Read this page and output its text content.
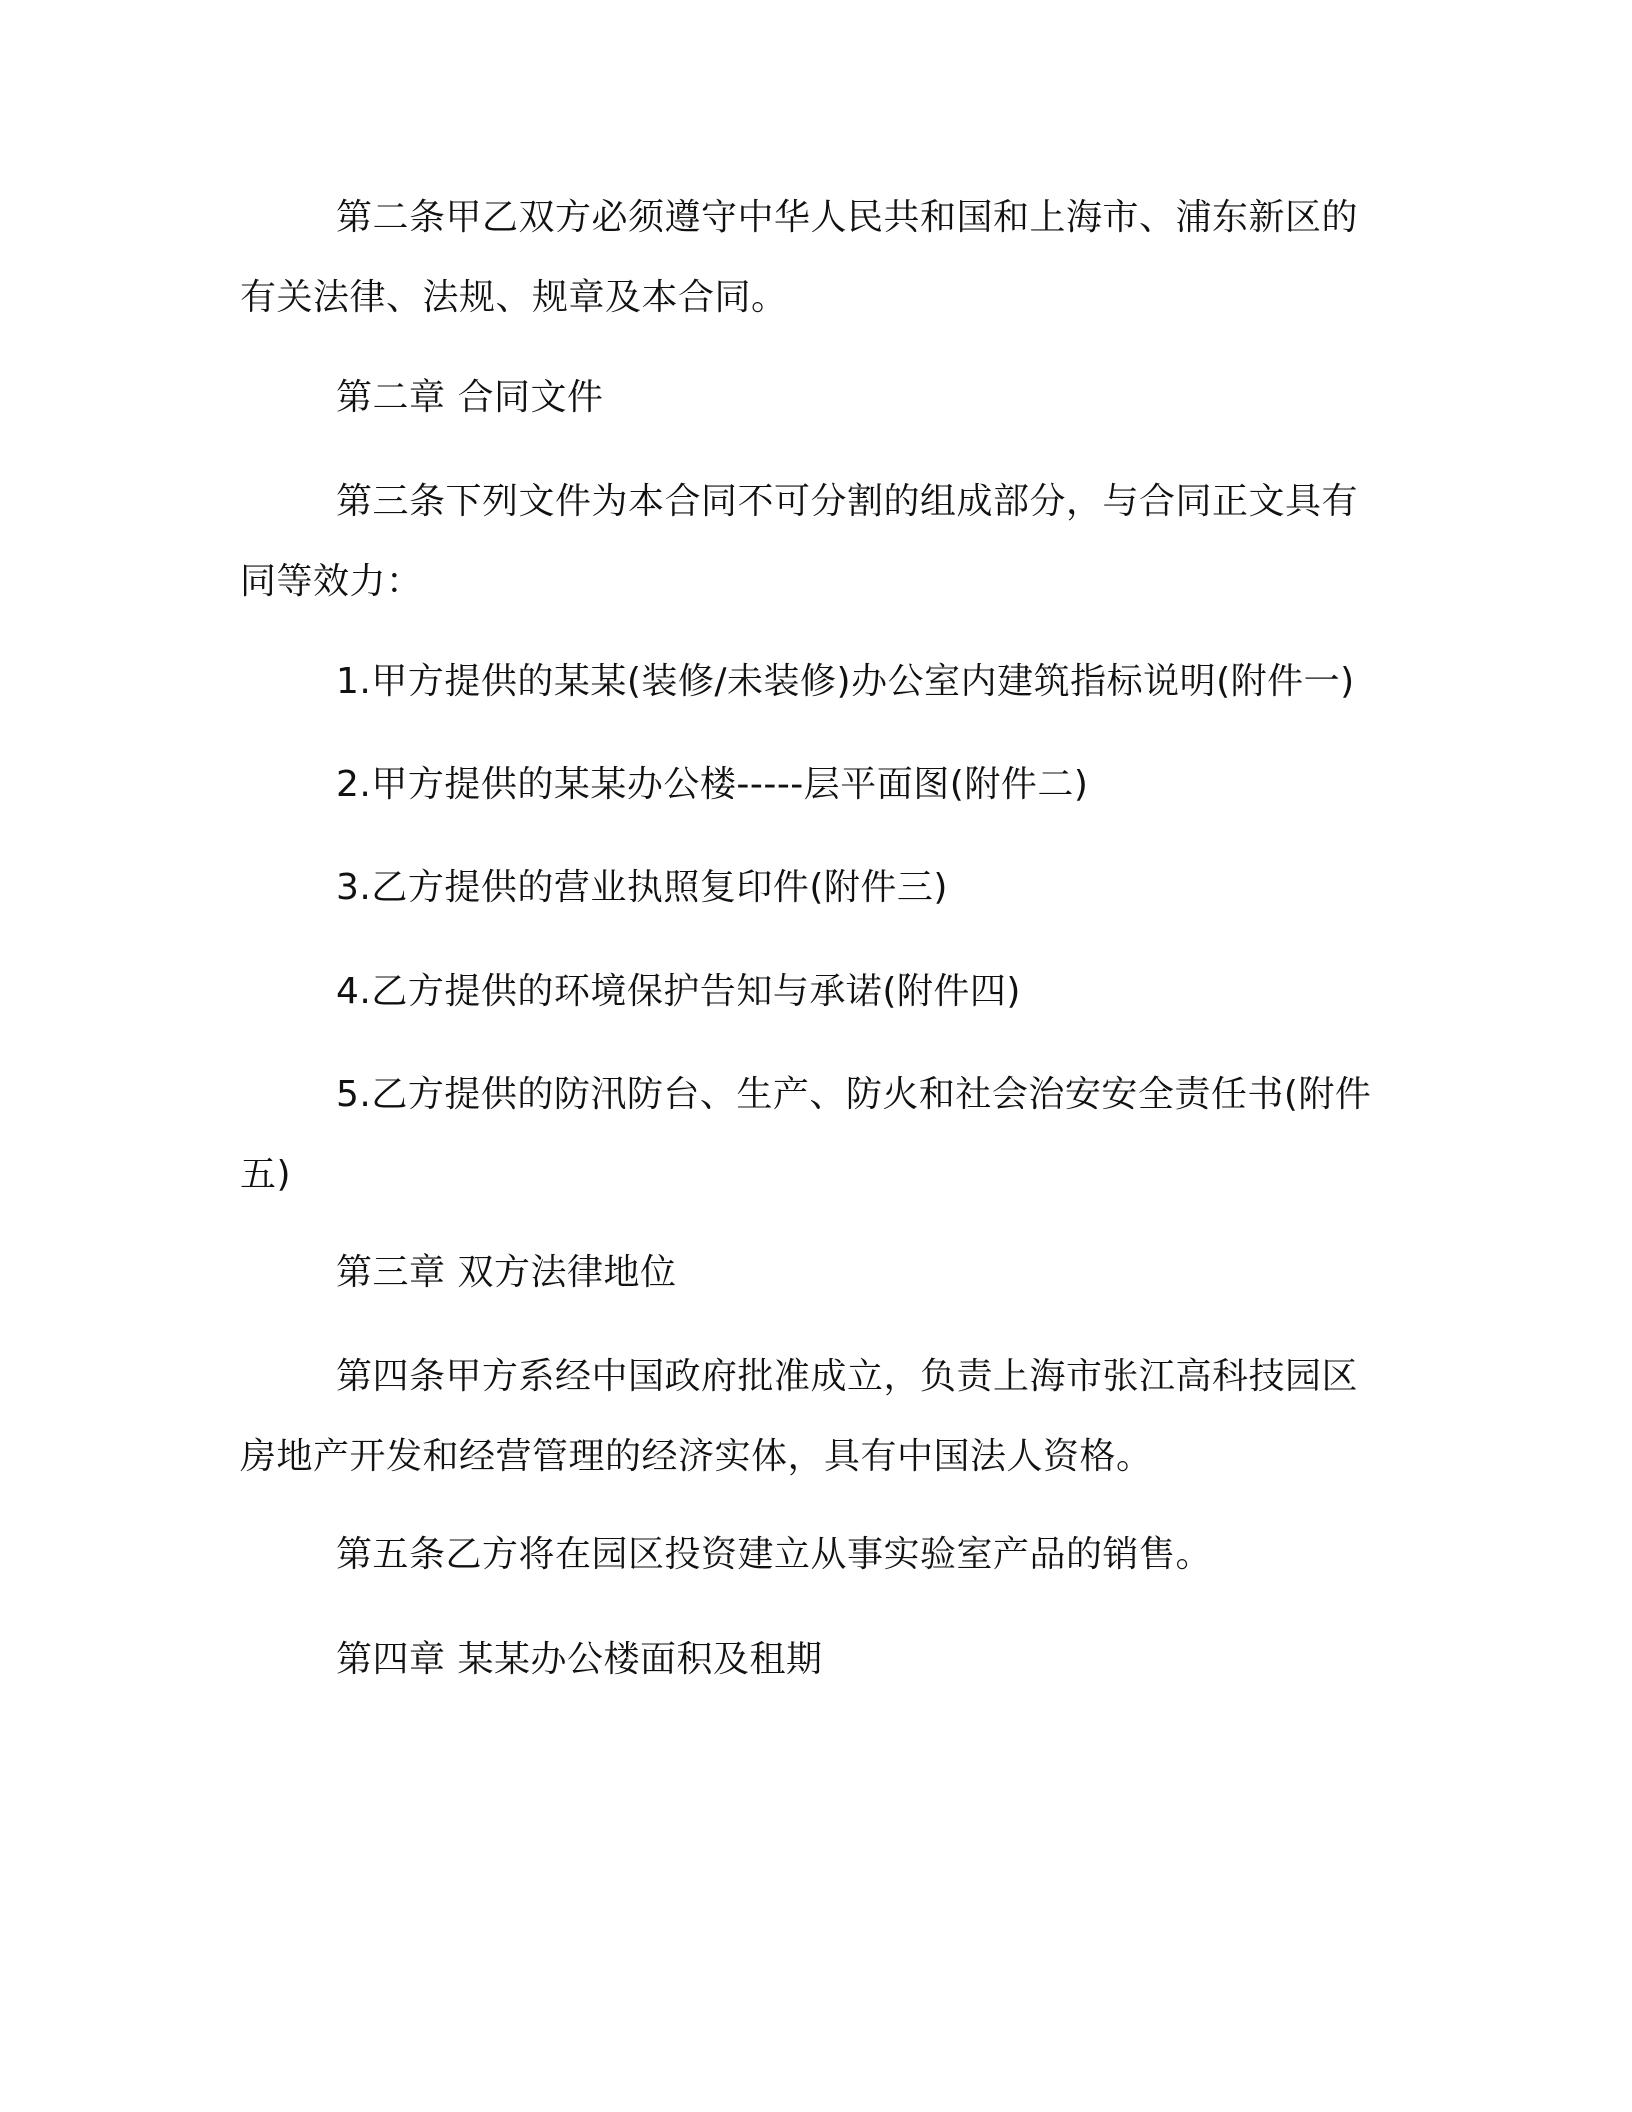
第二条甲乙双方必须遵守中华人民共和国和上海市、浦东新区的有关法律、法规、规章及本合同。

第二章 合同文件

第三条下列文件为本合同不可分割的组成部分，与合同正文具有同等效力：

1.甲方提供的某某(装修/未装修)办公室内建筑指标说明(附件一)

2.甲方提供的某某办公楼-----层平面图(附件二)

3.乙方提供的营业执照复印件(附件三)

4.乙方提供的环境保护告知与承诺(附件四)

5.乙方提供的防汛防台、生产、防火和社会治安安全责任书(附件五)

第三章 双方法律地位

第四条甲方系经中国政府批准成立，负责上海市张江高科技园区房地产开发和经营管理的经济实体，具有中国法人资格。

第五条乙方将在园区投资建立从事实验室产品的销售。

第四章 某某办公楼面积及租期
